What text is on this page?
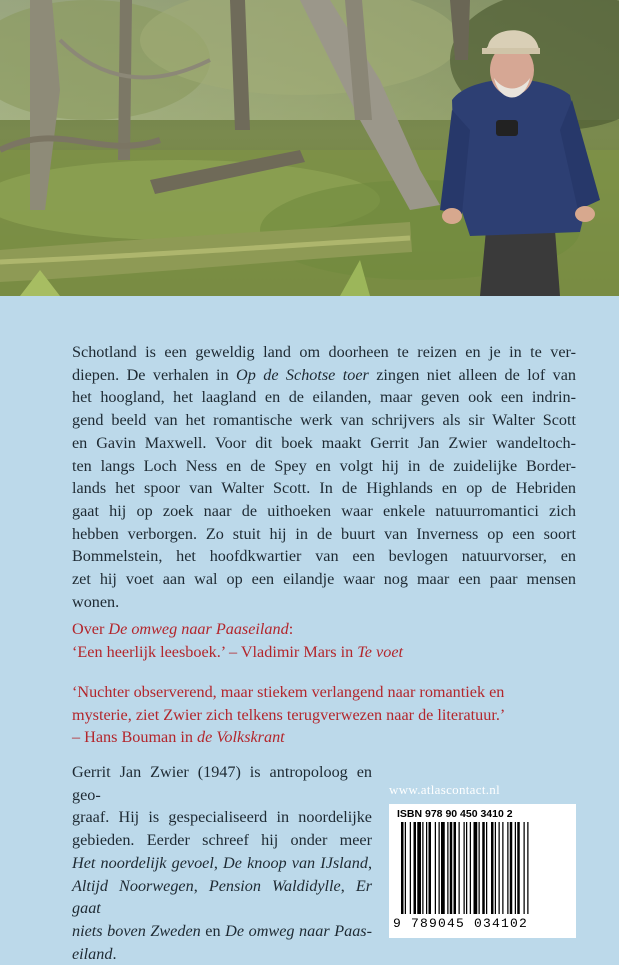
Schotland is een geweldig land om doorheen te reizen en je in te ver-
diepen. De verhalen in Op de Schotse toer zingen niet alleen de lof van
het hoogland, het laagland en de eilanden, maar geven ook een indrin-
gend beeld van het romantische werk van schrijvers als sir Walter Scott
en Gavin Maxwell. Voor dit boek maakt Gerrit Jan Zwier wandeltoch-
ten langs Loch Ness en de Spey en volgt hij in de zuidelijke Border-
lands het spoor van Walter Scott. In de Highlands en op de Hebriden
gaat hij op zoek naar de uithoeken waar enkele natuurromantici zich
hebben verborgen. Zo stuit hij in de buurt van Inverness op een soort
Bommelstein, het hoofdkwartier van een bevlogen natuurvorser, en
zet hij voet aan wal op een eilandje waar nog maar een paar mensen
wonen.

Over De omweg naar Paaseiland:
‘Een heerlijk leesboek.’ – Vladimir Mars in Te voet

‘Nuchter observerend, maar stiekem verlangend naar romantiek en
mysterie, ziet Zwier zich telkens terugverwezen naar de literatuur.’
– Hans Bouman in de Volkskrant

Gerrit Jan Zwier (1947) is antropoloog en geo-
graaf. Hij is gespecialiseerd in noordelijke
gebieden. Eerder schreef hij onder meer
Het noordelijk gevoel, De knoop van IJsland,
Altijd Noorwegen, Pension Waldidylle, Er gaat
niets boven Zweden en De omweg naar Paas-
eiland.

www.atlascontact.nl
ISBN 978 90 450 3410 2
9 789045 034102
